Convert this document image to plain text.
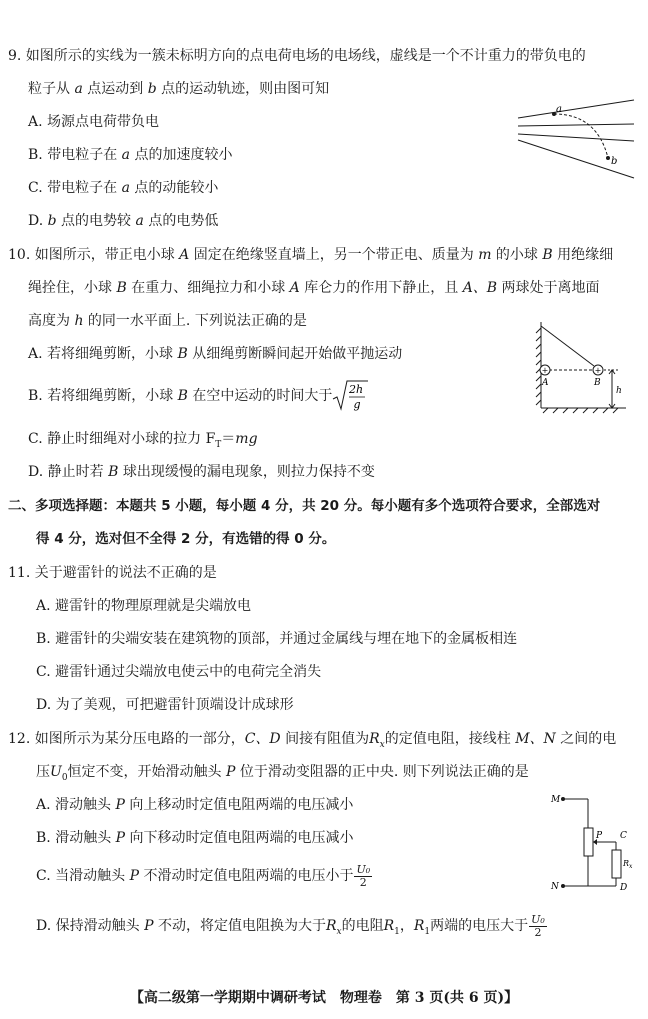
9. 如图所示的实线为一簇未标明方向的点电荷电场的电场线，虚线是一个不计重力的带负电的
粒子从 a 点运动到 b 点的运动轨迹，则由图可知
A. 场源点电荷带负电
B. 带电粒子在 a 点的加速度较小
C. 带电粒子在 a 点的动能较小
D. b 点的电势较 a 点的电势低
a
b
10. 如图所示，带正电小球 A 固定在绝缘竖直墙上，另一个带正电、质量为 m 的小球 B 用绝缘细
绳拴住，小球 B 在重力、细绳拉力和小球 A 库仑力的作用下静止，且 A、B 两球处于离地面
高度为 h 的同一水平面上. 下列说法正确的是
A. 若将细绳剪断，小球 B 从细绳剪断瞬间起开始做平抛运动
B. 若将细绳剪断，小球 B 在空中运动的时间大于 2h
g
C. 静止时细绳对小球的拉力 $F_T=mg$
D. 静止时若 B 球出现缓慢的漏电现象，则拉力保持不变
+	+
A	B
h
二、多项选择题：本题共 5 小题，每小题 4 分，共 20 分。每小题有多个选项符合要求，全部选对
得 4 分，选对但不全得 2 分，有选错的得 0 分。
11. 关于避雷针的说法不正确的是
A. 避雷针的物理原理就是尖端放电
B. 避雷针的尖端安装在建筑物的顶部，并通过金属线与埋在地下的金属板相连
C. 避雷针通过尖端放电使云中的电荷完全消失
D. 为了美观，可把避雷针顶端设计成球形
12. 如图所示为某分压电路的一部分，C、D 间接有阻值为$R_x$的定值电阻，接线柱 M、N 之间的电
压$U_0$恒定不变，开始滑动触头 P 位于滑动变阻器的正中央. 则下列说法正确的是
A. 滑动触头 P 向上移动时定值电阻两端的电压减小
B. 滑动触头 P 向下移动时定值电阻两端的电压减小
C. 当滑动触头 P 不滑动时定值电阻两端的电压小于 $\frac{\text{U₀}}{2}$
D. 保持滑动触头 P 不动，将定值电阻换为大于$R_x$的电阻$R_1$，$R_1$两端的电压大于 $\frac{\text{U₀}}{2}$
M
N
P C
D
$R_x$
【高二级第一学期期中调研考试　物理卷　第 3 页(共 6 页)】
